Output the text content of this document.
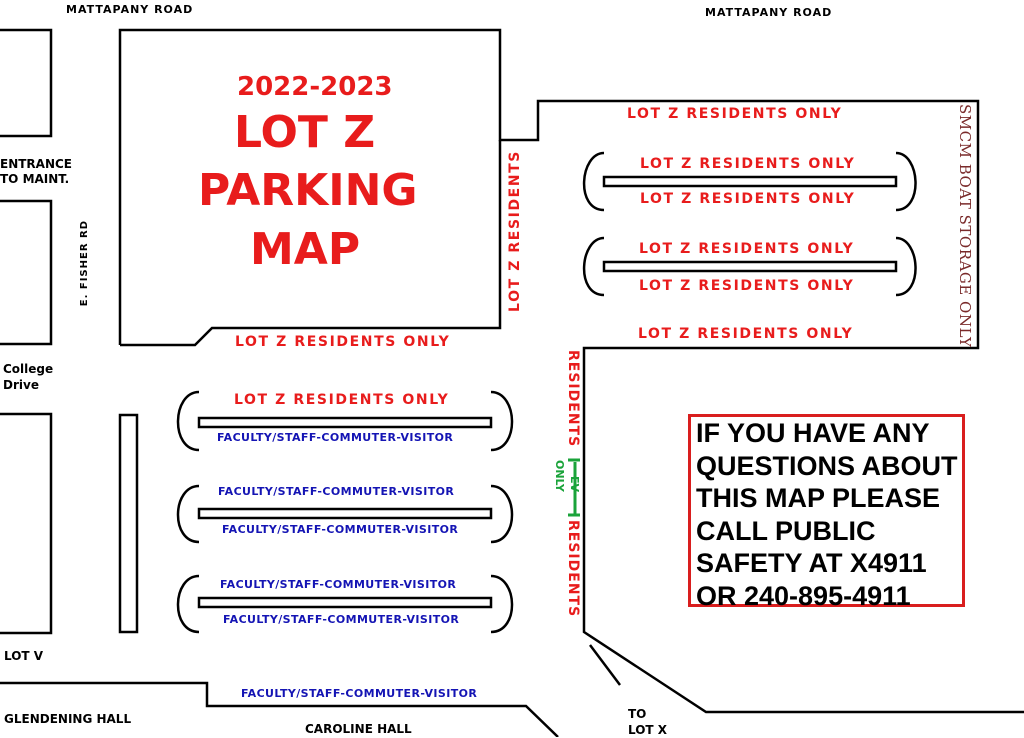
MATTAPANY ROAD	MATTAPANY ROAD
E. FISHER RD
ENTRANCE
TO MAINT.
College
Drive
LOT V
GLENDENING HALL
CAROLINE HALL
TO
LOT X
2022-2023
LOT Z
PARKING
MAP
LOT Z RESIDENTS ONLY
LOT Z RESIDENTS ONLY
LOT Z RESIDENTS ONLY
LOT Z RESIDENTS ONLY
LOT Z RESIDENTS ONLY
LOT Z RESIDENTS ONLY
LOT Z RESIDENTS ONLY
LOT Z RESIDENTS ONLY
LOT Z RESIDENTS
RESIDENTS
RESIDENTS
EV
ONLY
FACULTY/STAFF-COMMUTER-VISITOR
FACULTY/STAFF-COMMUTER-VISITOR
FACULTY/STAFF-COMMUTER-VISITOR
FACULTY/STAFF-COMMUTER-VISITOR
FACULTY/STAFF-COMMUTER-VISITOR
FACULTY/STAFF-COMMUTER-VISITOR
SMCM BOAT STORAGE ONLY
IF YOU HAVE ANY
QUESTIONS ABOUT
THIS MAP PLEASE
CALL PUBLIC
SAFETY AT X4911
OR 240-895-4911
